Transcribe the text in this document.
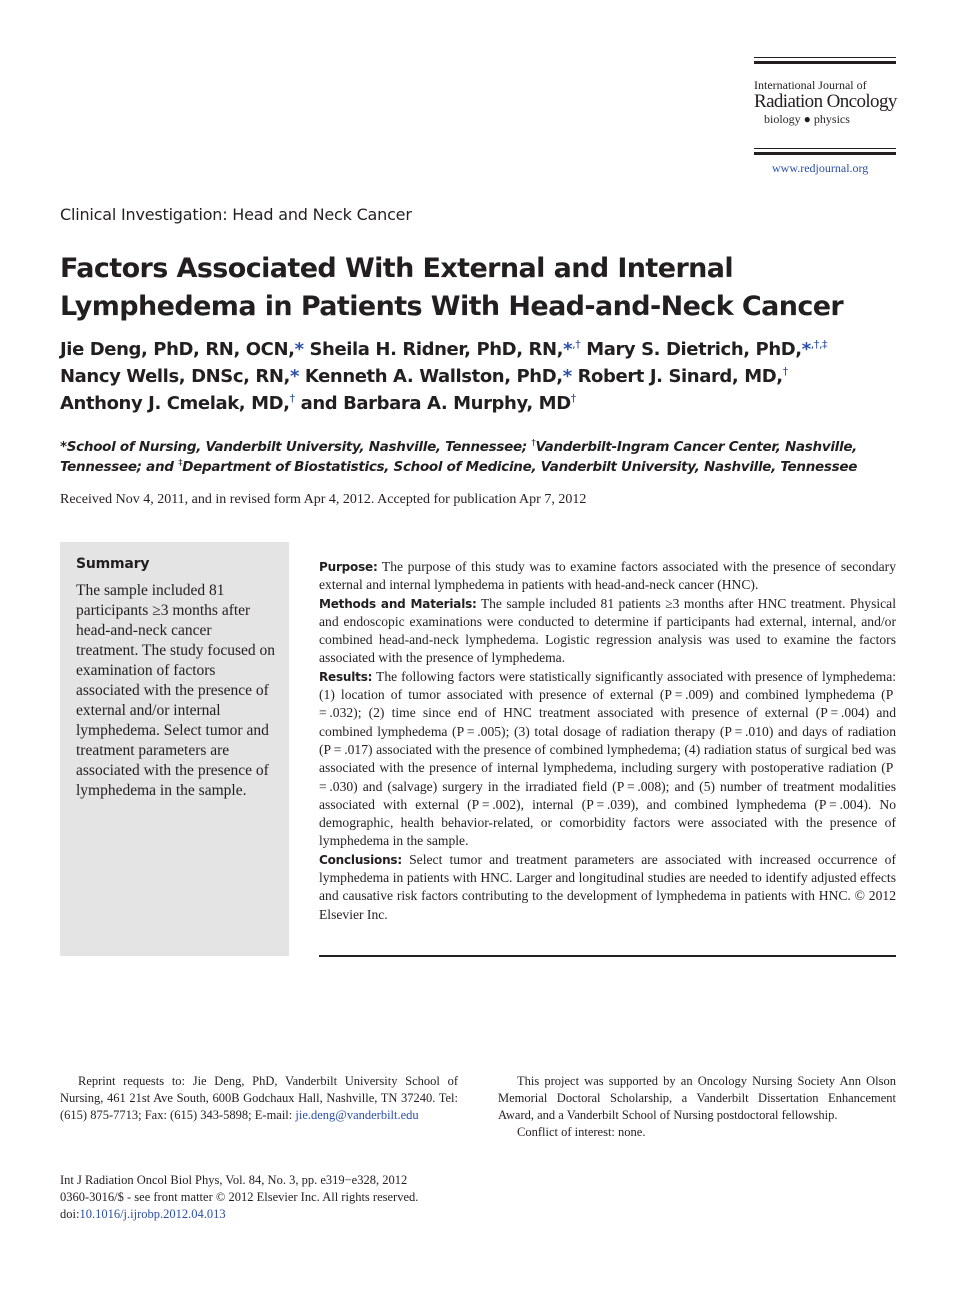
International Journal of
Radiation Oncology
biology ● physics
www.redjournal.org
Clinical Investigation: Head and Neck Cancer
Factors Associated With External and Internal Lymphedema in Patients With Head-and-Neck Cancer
Jie Deng, PhD, RN, OCN,* Sheila H. Ridner, PhD, RN,*,† Mary S. Dietrich, PhD,*,†,‡
Nancy Wells, DNSc, RN,* Kenneth A. Wallston, PhD,* Robert J. Sinard, MD,†
Anthony J. Cmelak, MD,† and Barbara A. Murphy, MD†
*School of Nursing, Vanderbilt University, Nashville, Tennessee; †Vanderbilt-Ingram Cancer Center, Nashville, Tennessee; and ‡Department of Biostatistics, School of Medicine, Vanderbilt University, Nashville, Tennessee
Received Nov 4, 2011, and in revised form Apr 4, 2012. Accepted for publication Apr 7, 2012
Summary

The sample included 81 participants ≥3 months after head-and-neck cancer treatment. The study focused on examination of factors associated with the presence of external and/or internal lymphedema. Select tumor and treatment parameters are associated with the presence of lymphedema in the sample.

Purpose: The purpose of this study was to examine factors associated with the presence of secondary external and internal lymphedema in patients with head-and-neck cancer (HNC).

Methods and Materials: The sample included 81 patients ≥3 months after HNC treatment. Physical and endoscopic examinations were conducted to determine if participants had external, internal, and/or combined head-and-neck lymphedema. Logistic regression analysis was used to examine the factors associated with the presence of lymphedema.

Results: The following factors were statistically significantly associated with presence of lymphedema: (1) location of tumor associated with presence of external (P = .009) and combined lymphedema (P = .032); (2) time since end of HNC treatment associated with presence of external (P = .004) and combined lymphedema (P = .005); (3) total dosage of radiation therapy (P = .010) and days of radiation (P = .017) associated with the presence of combined lymphedema; (4) radiation status of surgical bed was associated with the presence of internal lymphedema, including surgery with postoperative radiation (P = .030) and (salvage) surgery in the irradiated field (P = .008); and (5) number of treatment modalities associated with external (P = .002), internal (P = .039), and combined lymphedema (P = .004). No demographic, health behavior-related, or comorbidity factors were associated with the presence of lymphedema in the sample.

Conclusions: Select tumor and treatment parameters are associated with increased occurrence of lymphedema in patients with HNC. Larger and longitudinal studies are needed to identify adjusted effects and causative risk factors contributing to the development of lymphedema in patients with HNC. © 2012 Elsevier Inc.

Reprint requests to: Jie Deng, PhD, Vanderbilt University School of Nursing, 461 21st Ave South, 600B Godchaux Hall, Nashville, TN 37240. Tel: (615) 875-7713; Fax: (615) 343-5898; E-mail: jie.deng@vanderbilt.edu

This project was supported by an Oncology Nursing Society Ann Olson Memorial Doctoral Scholarship, a Vanderbilt Dissertation Enhancement Award, and a Vanderbilt School of Nursing postdoctoral fellowship.

Conflict of interest: none.

Int J Radiation Oncol Biol Phys, Vol. 84, No. 3, pp. e319−e328, 2012
0360-3016/$ - see front matter © 2012 Elsevier Inc. All rights reserved.
doi:10.1016/j.ijrobp.2012.04.013
